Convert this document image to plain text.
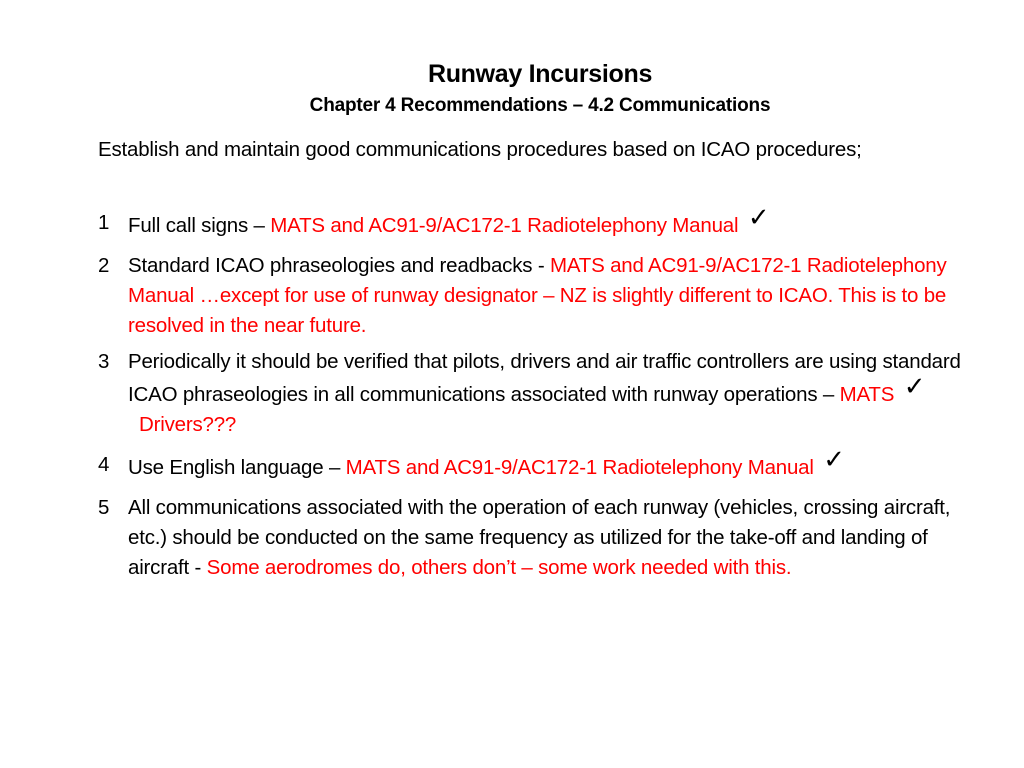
Runway Incursions
Chapter 4 Recommendations – 4.2 Communications
Establish and maintain good communications procedures based on ICAO procedures;
1 Full call signs – MATS and AC91-9/AC172-1 Radiotelephony Manual ✓
2 Standard ICAO phraseologies and readbacks - MATS and AC91-9/AC172-1 Radiotelephony Manual …except for use of runway designator – NZ is slightly different to ICAO. This is to be resolved in the near future.
3 Periodically it should be verified that pilots, drivers and air traffic controllers are using standard ICAO phraseologies in all communications associated with runway operations – MATS ✓  Drivers???
4 Use English language – MATS and AC91-9/AC172-1 Radiotelephony Manual ✓
5 All communications associated with the operation of each runway (vehicles, crossing aircraft, etc.) should be conducted on the same frequency as utilized for the take-off and landing of aircraft - Some aerodromes do, others don’t – some work needed with this.
